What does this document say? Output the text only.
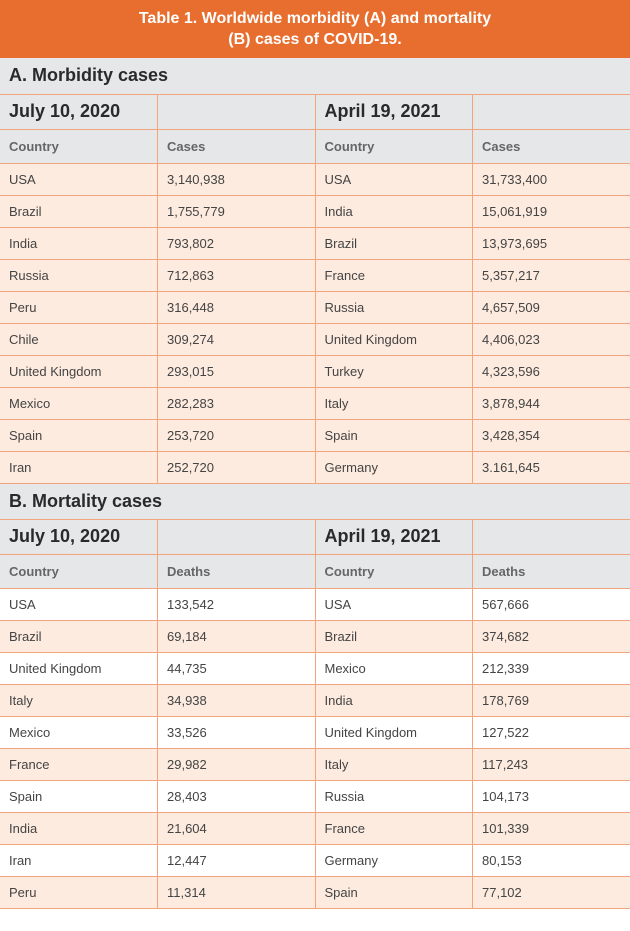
Table 1. Worldwide morbidity (A) and mortality
(B) cases of COVID-19.
A. Morbidity cases			
July 10, 2020		April 19, 2021	
Country	Cases	Country	Cases
USA	3,140,938	USA	31,733,400
Brazil	1,755,779	India	15,061,919
India	793,802	Brazil	13,973,695
Russia	712,863	France	5,357,217
Peru	316,448	Russia	4,657,509
Chile	309,274	United Kingdom	4,406,023
United Kingdom	293,015	Turkey	4,323,596
Mexico	282,283	Italy	3,878,944
Spain	253,720	Spain	3,428,354
Iran	252,720	Germany	3.161,645
B. Mortality cases			
July 10, 2020		April 19, 2021	
Country	Deaths	Country	Deaths
USA	133,542	USA	567,666
Brazil	69,184	Brazil	374,682
United Kingdom	44,735	Mexico	212,339
Italy	34,938	India	178,769
Mexico	33,526	United Kingdom	127,522
France	29,982	Italy	117,243
Spain	28,403	Russia	104,173
India	21,604	France	101,339
Iran	12,447	Germany	80,153
Peru	11,314	Spain	77,102
